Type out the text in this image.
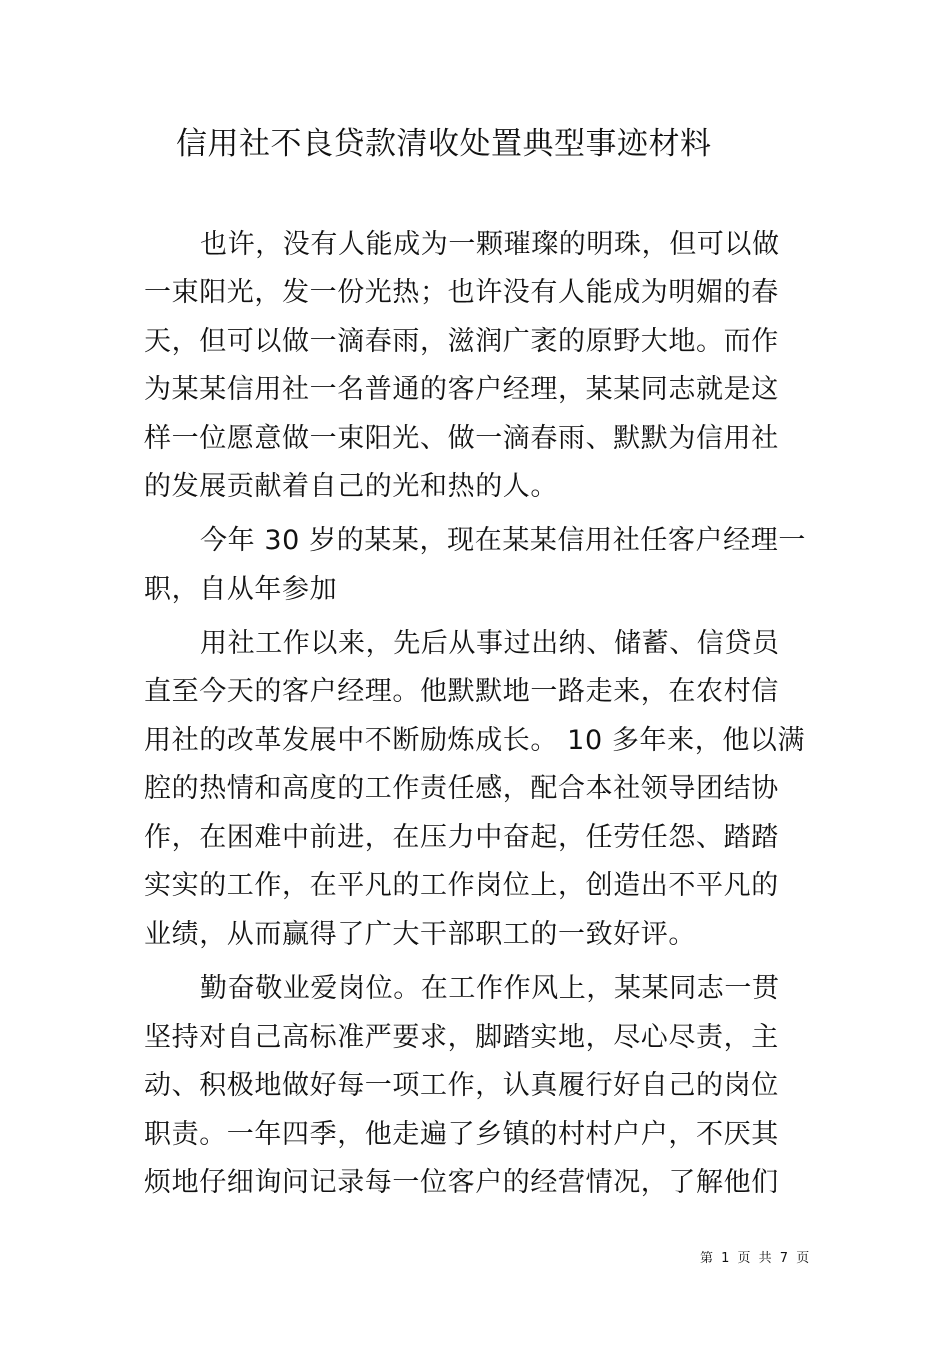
信用社不良贷款清收处置典型事迹材料
也许，没有人能成为一颗璀璨的明珠，但可以做
一束阳光，发一份光热；也许没有人能成为明媚的春
天，但可以做一滴春雨，滋润广袤的原野大地。而作
为某某信用社一名普通的客户经理，某某同志就是这
样一位愿意做一束阳光、做一滴春雨、默默为信用社
的发展贡献着自己的光和热的人。
今年 30 岁的某某，现在某某信用社任客户经理一
职，自从年参加
用社工作以来，先后从事过出纳、储蓄、信贷员
直至今天的客户经理。他默默地一路走来，在农村信
用社的改革发展中不断励炼成长。 10 多年来，他以满
腔的热情和高度的工作责任感，配合本社领导团结协
作，在困难中前进，在压力中奋起，任劳任怨、踏踏
实实的工作，在平凡的工作岗位上，创造出不平凡的
业绩，从而赢得了广大干部职工的一致好评。
勤奋敬业爱岗位。在工作作风上，某某同志一贯
坚持对自己高标准严要求，脚踏实地，尽心尽责，主
动、积极地做好每一项工作，认真履行好自己的岗位
职责。一年四季，他走遍了乡镇的村村户户，不厌其
烦地仔细询问记录每一位客户的经营情况，了解他们
第 1 页 共 7 页
